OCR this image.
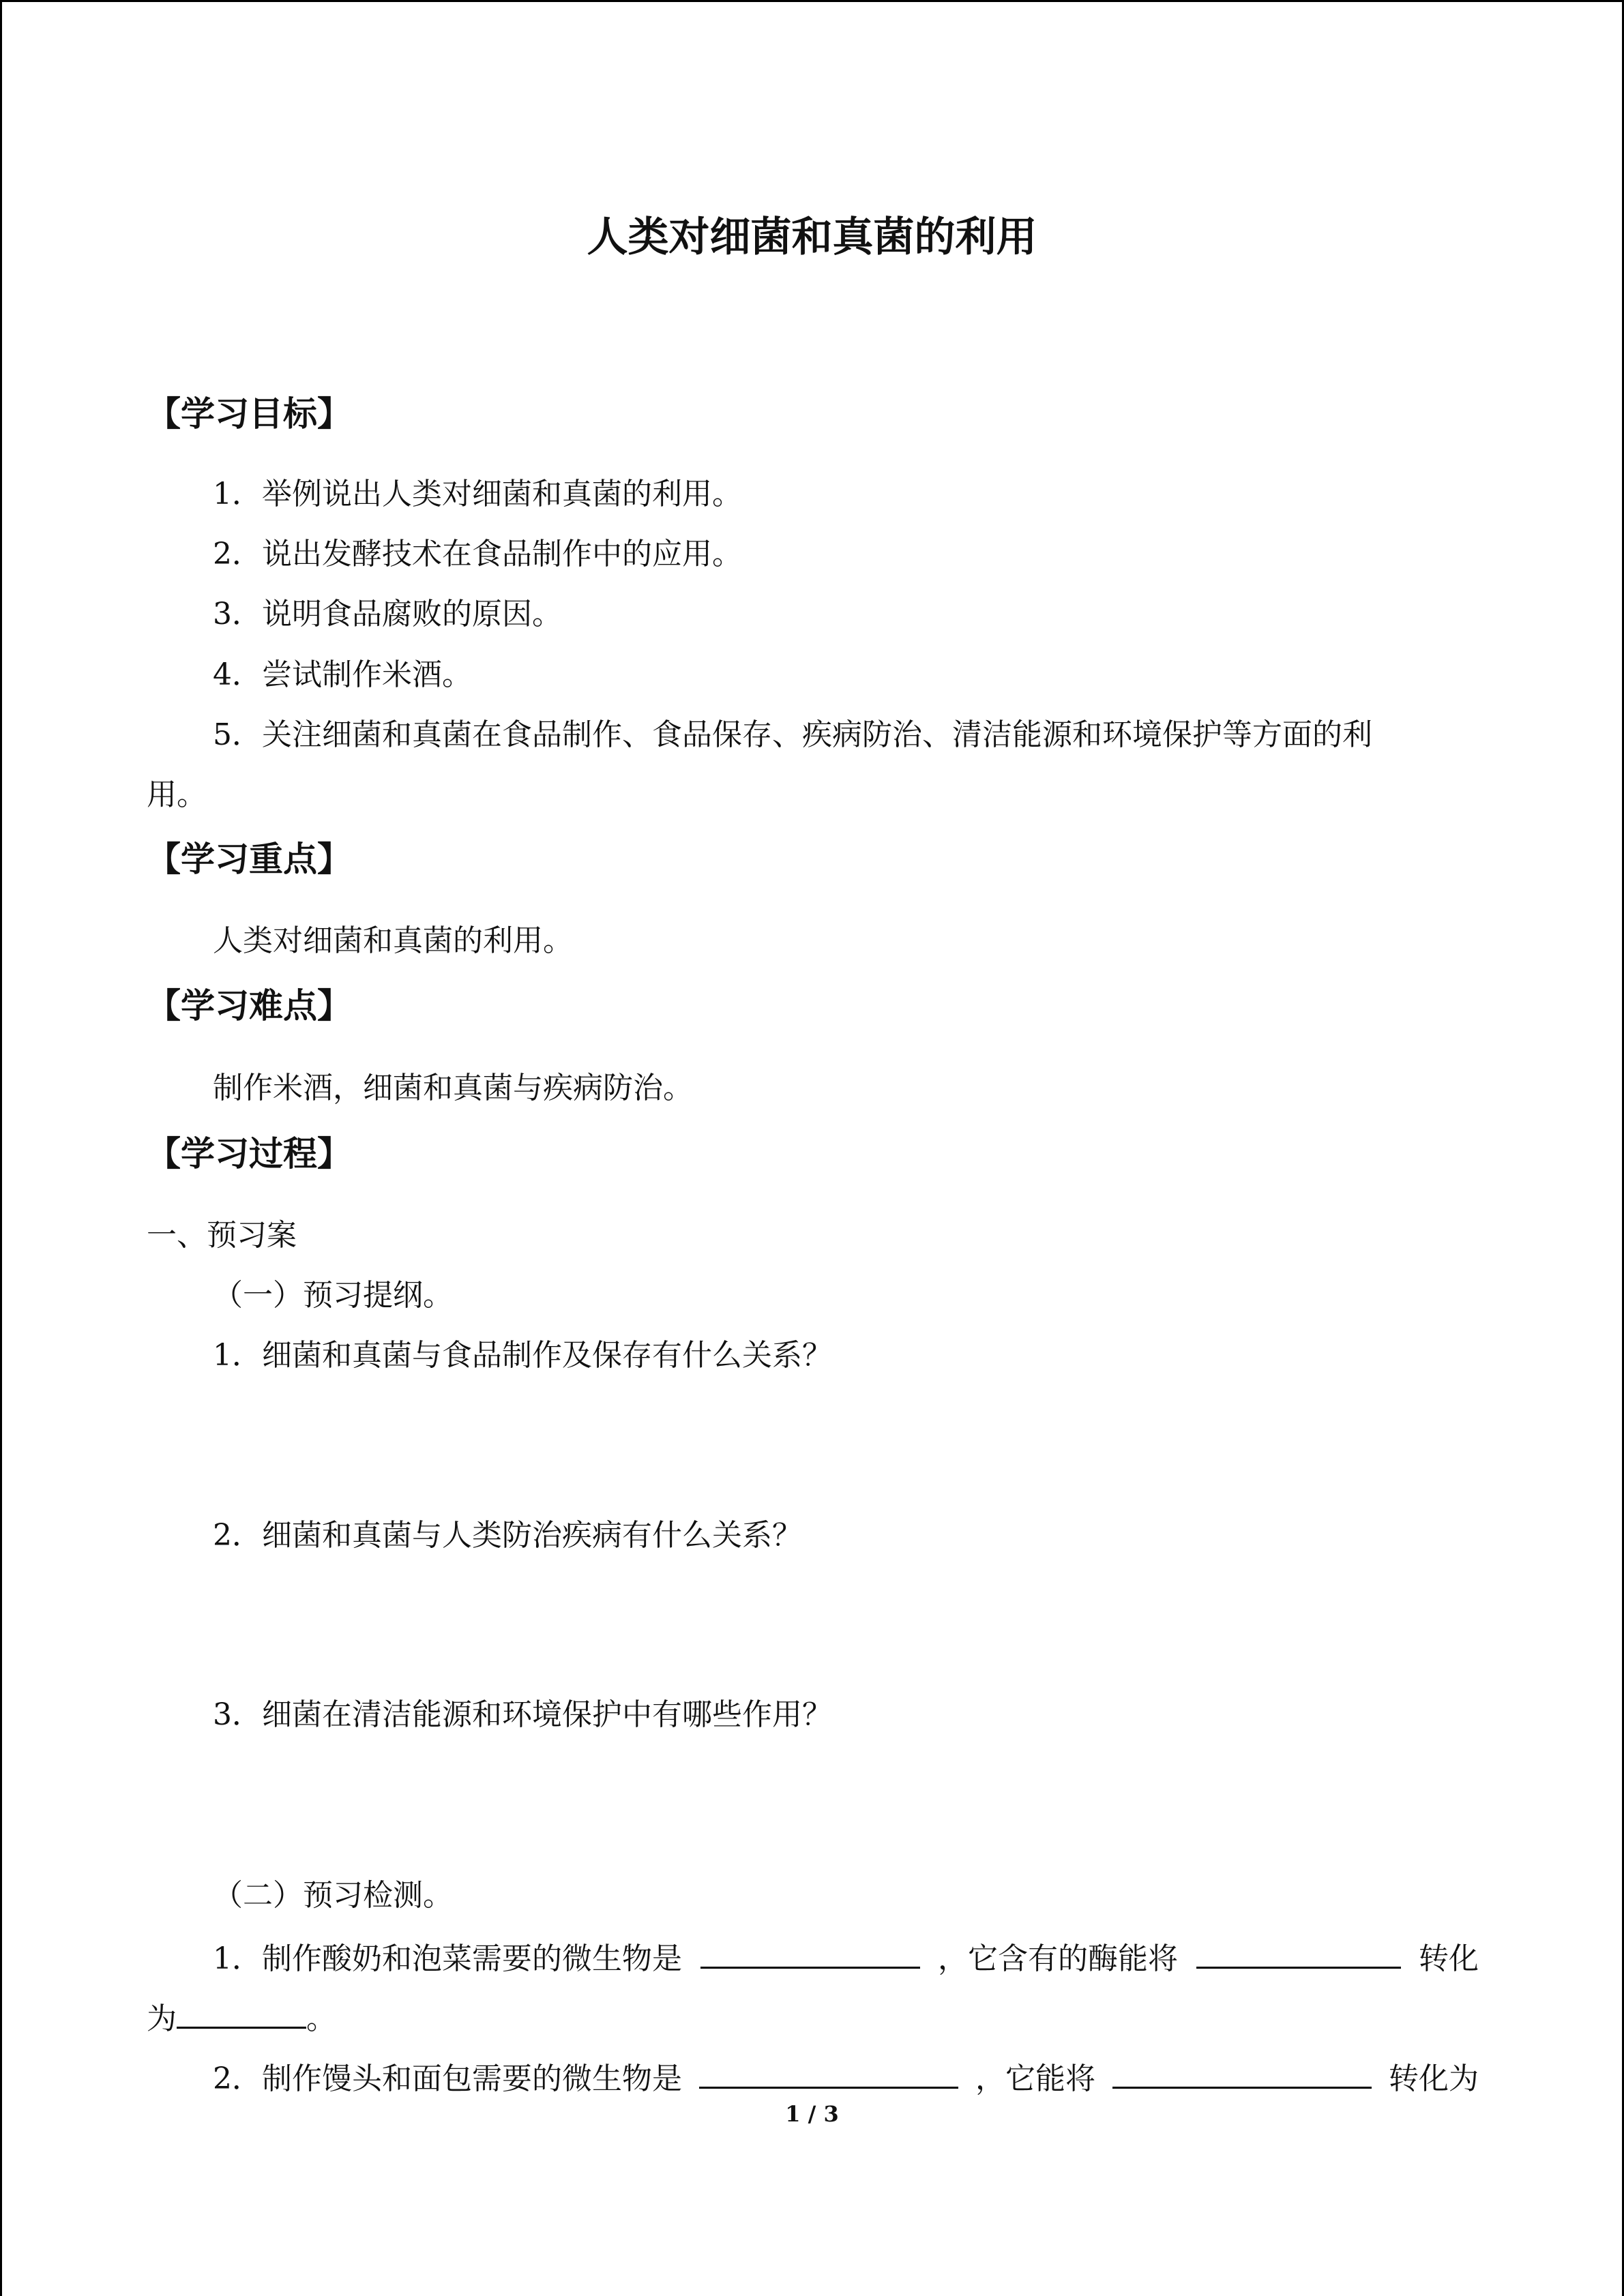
人类对细菌和真菌的利用
【学习目标】
1．举例说出人类对细菌和真菌的利用。
2．说出发酵技术在食品制作中的应用。
3．说明食品腐败的原因。
4．尝试制作米酒。
5．关注细菌和真菌在食品制作、食品保存、疾病防治、清洁能源和环境保护等方面的利
用。
【学习重点】
人类对细菌和真菌的利用。
【学习难点】
制作米酒，细菌和真菌与疾病防治。
【学习过程】
一、预习案
（一）预习提纲。
1．细菌和真菌与食品制作及保存有什么关系？
2．细菌和真菌与人类防治疾病有什么关系？
3．细菌在清洁能源和环境保护中有哪些作用？
（二）预习检测。
1．制作酸奶和泡菜需要的微生物是	，它含有的酶能将	转化
为	。
2．制作馒头和面包需要的微生物是	，它能将	转化为
1 / 3
